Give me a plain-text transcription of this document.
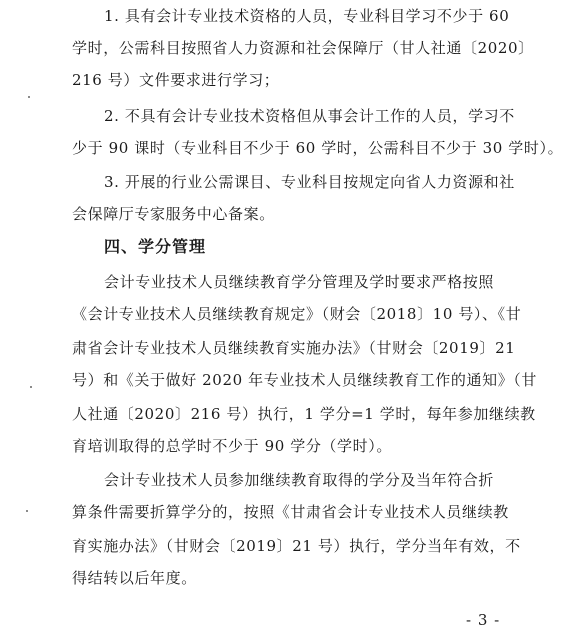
1. 具有会计专业技术资格的人员，专业科目学习不少于 60
学时，公需科目按照省人力资源和社会保障厅（甘人社通〔2020〕
216 号）文件要求进行学习；
2. 不具有会计专业技术资格但从事会计工作的人员，学习不
少于 90 课时（专业科目不少于 60 学时，公需科目不少于 30 学时）。
3. 开展的行业公需课目、专业科目按规定向省人力资源和社
会保障厅专家服务中心备案。
四、学分管理
会计专业技术人员继续教育学分管理及学时要求严格按照
《会计专业技术人员继续教育规定》（财会〔2018〕10 号）、《甘
肃省会计专业技术人员继续教育实施办法》（甘财会〔2019〕21
号）和《关于做好 2020 年专业技术人员继续教育工作的通知》（甘
人社通〔2020〕216 号）执行，1 学分=1 学时，每年参加继续教
育培训取得的总学时不少于 90 学分（学时）。
会计专业技术人员参加继续教育取得的学分及当年符合折
算条件需要折算学分的，按照《甘肃省会计专业技术人员继续教
育实施办法》（甘财会〔2019〕21 号）执行，学分当年有效，不
得结转以后年度。
- 3 -
